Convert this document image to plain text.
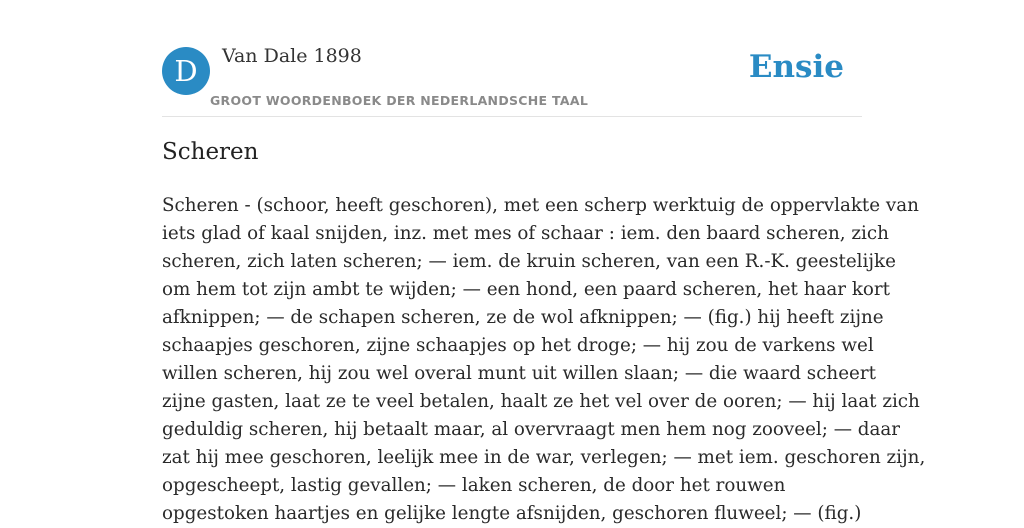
D	Van Dale 1898
GROOT WOORDENBOEK DER NEDERLANDSCHE TAAL
Ensie
Scheren
Scheren - (schoor, heeft geschoren), met een scherp werktuig de oppervlakte van
iets glad of kaal snijden, inz. met mes of schaar : iem. den baard scheren, zich
scheren, zich laten scheren; — iem. de kruin scheren, van een R.-K. geestelijke
om hem tot zijn ambt te wijden; — een hond, een paard scheren, het haar kort
afknippen; — de schapen scheren, ze de wol afknippen; — (fig.) hij heeft zijne
schaapjes geschoren, zijne schaapjes op het droge; — hij zou de varkens wel
willen scheren, hij zou wel overal munt uit willen slaan; — die waard scheert
zijne gasten, laat ze te veel betalen, haalt ze het vel over de ooren; — hij laat zich
geduldig scheren, hij betaalt maar, al overvraagt men hem nog zooveel; — daar
zat hij mee geschoren, leelijk mee in de war, verlegen; — met iem. geschoren zijn,
opgescheept, lastig gevallen; — laken scheren, de door het rouwen
opgestoken haartjes en gelijke lengte afsnijden, geschoren fluweel; — (fig.)
